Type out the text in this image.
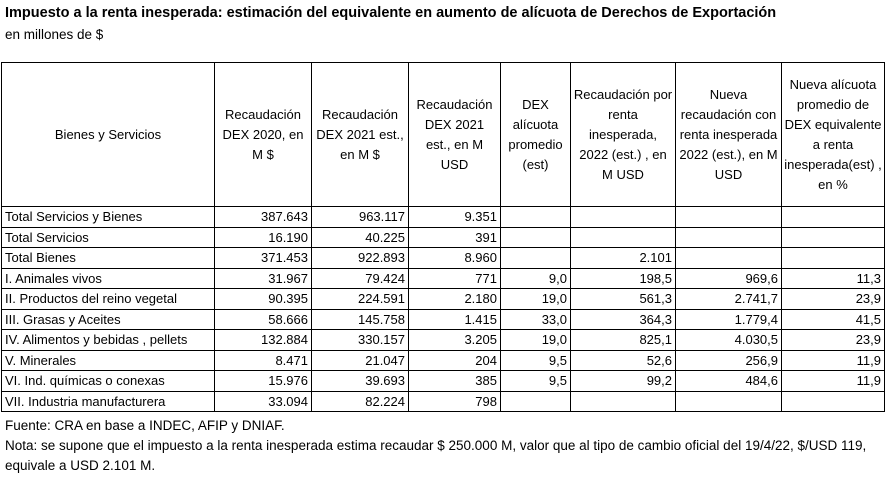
Impuesto a la renta inesperada: estimación del equivalente en aumento de alícuota de Derechos de Exportación
en millones de $
Bienes y Servicios	Recaudación DEX 2020, en M $	Recaudación DEX 2021 est., en M $	Recaudación DEX 2021 est., en M USD	DEX alícuota promedio (est)	Recaudación por renta inesperada, 2022 (est.) , en M USD	Nueva recaudación con renta inesperada 2022 (est.), en M USD	Nueva alícuota promedio de DEX equivalente a renta inesperada(est) , en %
Total Servicios y Bienes	387.643	963.117	9.351				
Total Servicios	16.190	40.225	391				
Total Bienes	371.453	922.893	8.960		2.101		
I. Animales vivos	31.967	79.424	771	9,0	198,5	969,6	11,3
II. Productos del reino vegetal	90.395	224.591	2.180	19,0	561,3	2.741,7	23,9
III. Grasas y Aceites	58.666	145.758	1.415	33,0	364,3	1.779,4	41,5
IV. Alimentos y bebidas , pellets	132.884	330.157	3.205	19,0	825,1	4.030,5	23,9
V. Minerales	8.471	21.047	204	9,5	52,6	256,9	11,9
VI. Ind. químicas o conexas	15.976	39.693	385	9,5	99,2	484,6	11,9
VII. Industria manufacturera	33.094	82.224	798				
Fuente: CRA en base a INDEC, AFIP y DNIAF.
Nota: se supone que el impuesto a la renta inesperada estima recaudar $ 250.000 M, valor que al tipo de cambio oficial del 19/4/22, $/USD 119, equivale a USD 2.101 M.
